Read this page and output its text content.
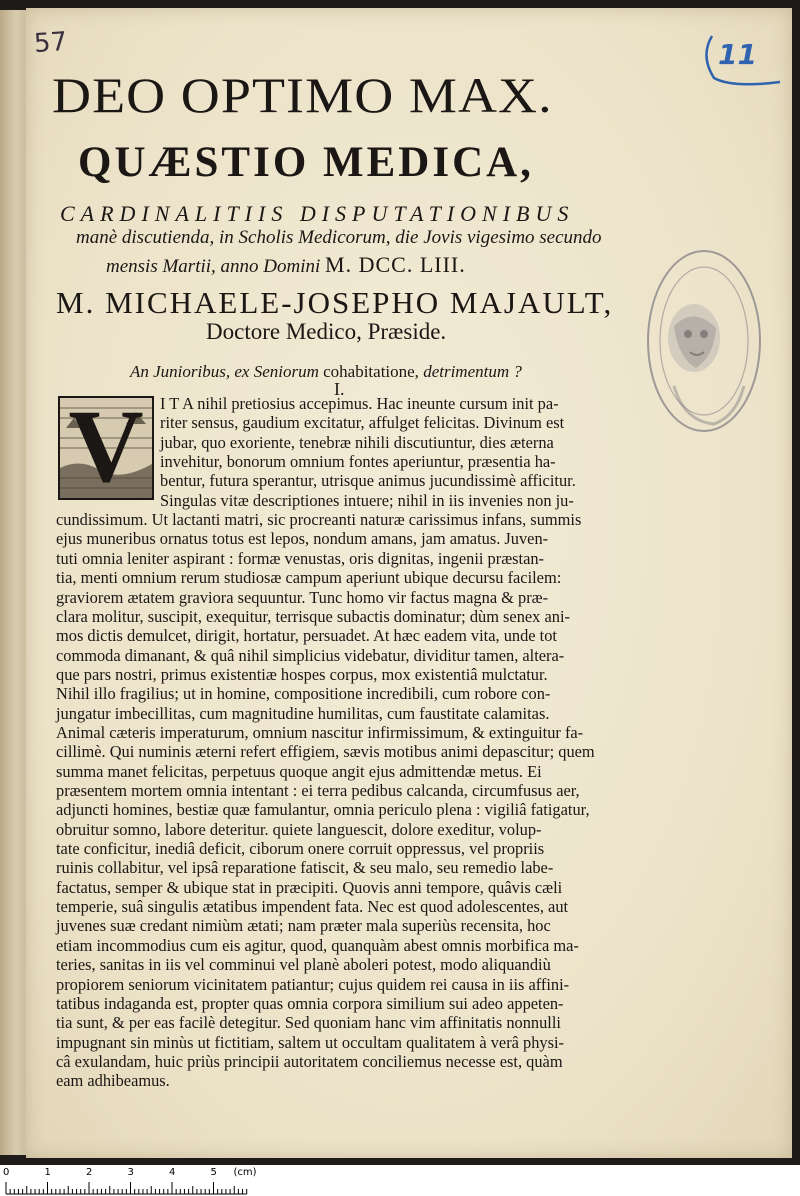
57	11
DEO OPTIMO MAX.
QUÆSTIO MEDICA,
CARDINALITIIS DISPUTATIONIBUS
manè discutienda, in Scholis Medicorum, die Jovis vigesimo secundo
mensis Martii, anno Domini M. DCC. LIII.
M. MICHAELE-JOSEPHO MAJAULT,
Doctore Medico, Præside.
An Junioribus, ex Seniorum cohabitatione, detrimentum ?
I.
V	I T A nihil pretiosius accepimus. Hac ineunte cursum init pa-
riter sensus, gaudium excitatur, affulget felicitas. Divinum est
jubar, quo exoriente, tenebræ nihili discutiuntur, dies æterna
invehitur, bonorum omnium fontes aperiuntur, præsentia ha-
bentur, futura sperantur, utrisque animus jucundissimè afficitur.
Singulas vitæ descriptiones intuere; nihil in iis invenies non ju-
cundissimum. Ut lactanti matri, sic procreanti naturæ carissimus infans, summis
ejus muneribus ornatus totus est lepos, nondum amans, jam amatus. Juven-
tuti omnia leniter aspirant : formæ venustas, oris dignitas, ingenii præstan-
tia, menti omnium rerum studiosæ campum aperiunt ubique decursu facilem:
graviorem ætatem graviora sequuntur. Tunc homo vir factus magna & præ-
clara molitur, suscipit, exequitur, terrisque subactis dominatur; dùm senex ani-
mos dictis demulcet, dirigit, hortatur, persuadet. At hæc eadem vita, unde tot
commoda dimanant, & quâ nihil simplicius videbatur, dividitur tamen, altera-
que pars nostri, primus existentiæ hospes corpus, mox existentiâ mulctatur.
Nihil illo fragilius; ut in homine, compositione incredibili, cum robore con-
jungatur imbecillitas, cum magnitudine humilitas, cum faustitate calamitas.
Animal cæteris imperaturum, omnium nascitur infirmissimum, & extinguitur fa-
cillimè. Qui numinis æterni refert effigiem, sævis motibus animi depascitur; quem
summa manet felicitas, perpetuus quoque angit ejus admittendæ metus. Ei
præsentem mortem omnia intentant : ei terra pedibus calcanda, circumfusus aer,
adjuncti homines, bestiæ quæ famulantur, omnia periculo plena : vigiliâ fatigatur,
obruitur somno, labore deteritur. quiete languescit, dolore exeditur, volup-
tate conficitur, inediâ deficit, ciborum onere corruit oppressus, vel propriis
ruinis collabitur, vel ipsâ reparatione fatiscit, & seu malo, seu remedio labe-
factatus, semper & ubique stat in præcipiti. Quovis anni tempore, quâvis cæli
temperie, suâ singulis ætatibus impendent fata. Nec est quod adolescentes, aut
juvenes suæ credant nimiùm ætati; nam præter mala superiùs recensita, hoc
etiam incommodius cum eis agitur, quod, quanquàm abest omnis morbifica ma-
teries, sanitas in iis vel comminui vel planè aboleri potest, modo aliquandiù
propiorem seniorum vicinitatem patiantur; cujus quidem rei causa in iis affini-
tatibus indaganda est, propter quas omnia corpora similium sui adeo appeten-
tia sunt, & per eas facilè detegitur. Sed quoniam hanc vim affinitatis nonnulli
impugnant sin minùs ut fictitiam, saltem ut occultam qualitatem à verâ physi-
câ exulandam, huic priùs principii autoritatem conciliemus necesse est, quàm
eam adhibeamus.
0	1	2	3	4	5 (cm)
